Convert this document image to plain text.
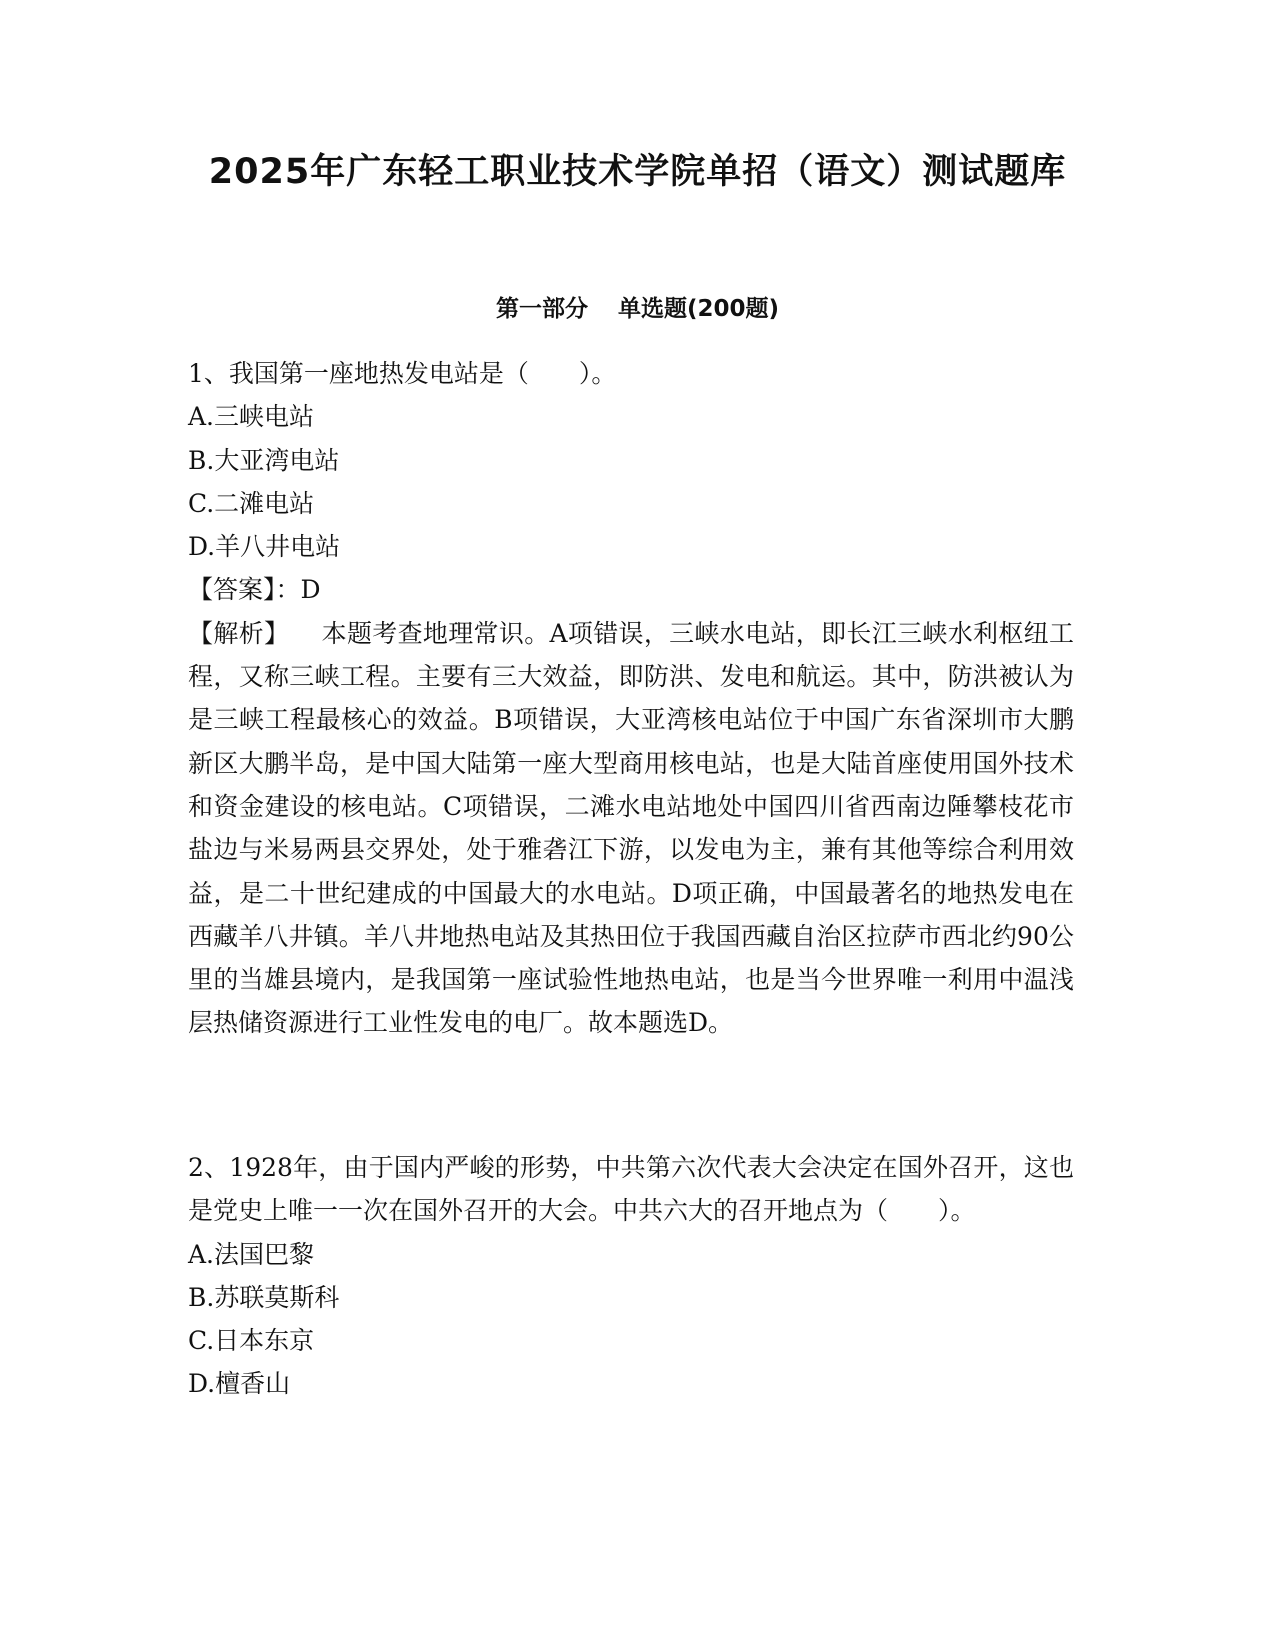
2025年广东轻工职业技术学院单招（语文）测试题库
第一部分 单选题(200题)

1、我国第一座地热发电站是（　　）。

A.三峡电站

B.大亚湾电站

C.二滩电站

D.羊八井电站

【答案】：D

【解析】 本题考查地理常识。A项错误，三峡水电站，即长江三峡水利枢纽工程，又称三峡工程。主要有三大效益，即防洪、发电和航运。其中，防洪被认为是三峡工程最核心的效益。B项错误，大亚湾核电站位于中国广东省深圳市大鹏新区大鹏半岛，是中国大陆第一座大型商用核电站，也是大陆首座使用国外技术和资金建设的核电站。C项错误，二滩水电站地处中国四川省西南边陲攀枝花市盐边与米易两县交界处，处于雅砻江下游，以发电为主，兼有其他等综合利用效益，是二十世纪建成的中国最大的水电站。D项正确，中国最著名的地热发电在西藏羊八井镇。羊八井地热电站及其热田位于我国西藏自治区拉萨市西北约90公里的当雄县境内，是我国第一座试验性地热电站，也是当今世界唯一利用中温浅层热储资源进行工业性发电的电厂。故本题选D。

2、1928年，由于国内严峻的形势，中共第六次代表大会决定在国外召开，这也是党史上唯一一次在国外召开的大会。中共六大的召开地点为（　　）。

A.法国巴黎

B.苏联莫斯科

C.日本东京

D.檀香山
